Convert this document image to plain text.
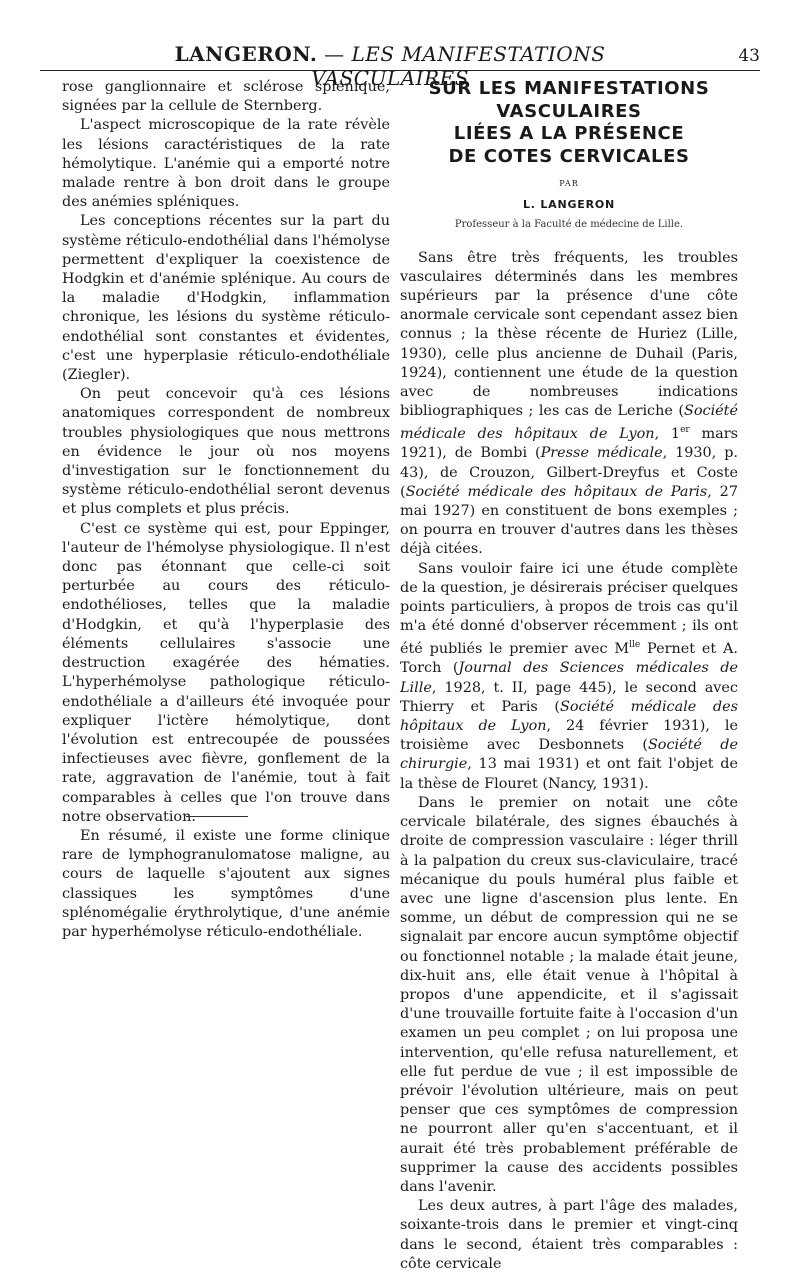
LANGERON. — LES MANIFESTATIONS VASCULAIRES
43

rose ganglionnaire et sclérose splénique, signées par la cellule de Sternberg.

L'aspect microscopique de la rate révèle les lésions caractéristiques de la rate hémolytique. L'anémie qui a emporté notre malade rentre à bon droit dans le groupe des anémies spléniques.

Les conceptions récentes sur la part du système réticulo-endothélial dans l'hémolyse permettent d'expliquer la coexistence de Hodgkin et d'anémie splénique. Au cours de la maladie d'Hodgkin, inflammation chronique, les lésions du système réticulo-endothélial sont constantes et évidentes, c'est une hyperplasie réticulo-endothéliale (Ziegler).

On peut concevoir qu'à ces lésions anatomiques correspondent de nombreux troubles physiologiques que nous mettrons en évidence le jour où nos moyens d'investigation sur le fonctionnement du système réticulo-endothélial seront devenus et plus complets et plus précis.

C'est ce système qui est, pour Eppinger, l'auteur de l'hémolyse physiologique. Il n'est donc pas étonnant que celle-ci soit perturbée au cours des réticulo-endothélioses, telles que la maladie d'Hodgkin, et qu'à l'hyperplasie des éléments cellulaires s'associe une destruction exagérée des hématies. L'hyperhémolyse pathologique réticulo-endothéliale a d'ailleurs été invoquée pour expliquer l'ictère hémolytique, dont l'évolution est entrecoupée de poussées infectieuses avec fièvre, gonflement de la rate, aggravation de l'anémie, tout à fait comparables à celles que l'on trouve dans notre observation.

En résumé, il existe une forme clinique rare de lymphogranulomatose maligne, au cours de laquelle s'ajoutent aux signes classiques les symptômes d'une splénomégalie érythrolytique, d'une anémie par hyperhémolyse réticulo-endothéliale.

SUR LES MANIFESTATIONS
VASCULAIRES
LIÉES A LA PRÉSENCE
DE COTES CERVICALES
PAR
L. LANGERON
Professeur à la Faculté de médecine de Lille.

Sans être très fréquents, les troubles vasculaires déterminés dans les membres supérieurs par la présence d'une côte anormale cervicale sont cependant assez bien connus ; la thèse récente de Huriez (Lille, 1930), celle plus ancienne de Duhail (Paris, 1924), contiennent une étude de la question avec de nombreuses indications bibliographiques ; les cas de Leriche (Société médicale des hôpitaux de Lyon, 1er mars 1921), de Bombi (Presse médicale, 1930, p. 43), de Crouzon, Gilbert-Dreyfus et Coste (Société médicale des hôpitaux de Paris, 27 mai 1927) en constituent de bons exemples ; on pourra en trouver d'autres dans les thèses déjà citées.

Sans vouloir faire ici une étude complète de la question, je désirerais préciser quelques points particuliers, à propos de trois cas qu'il m'a été donné d'observer récemment ; ils ont été publiés le premier avec $M^{lle}$ Pernet et A. Torch (Journal des Sciences médicales de Lille, 1928, t. II, page 445), le second avec Thierry et Paris (Société médicale des hôpitaux de Lyon, 24 février 1931), le troisième avec Desbonnets (Société de chirurgie, 13 mai 1931) et ont fait l'objet de la thèse de Flouret (Nancy, 1931).

Dans le premier on notait une côte cervicale bilatérale, des signes ébauchés à droite de compression vasculaire : léger thrill à la palpation du creux sus-claviculaire, tracé mécanique du pouls huméral plus faible et avec une ligne d'ascension plus lente. En somme, un début de compression qui ne se signalait par encore aucun symptôme objectif ou fonctionnel notable ; la malade était jeune, dix-huit ans, elle était venue à l'hôpital à propos d'une appendicite, et il s'agissait d'une trouvaille fortuite faite à l'occasion d'un examen un peu complet ; on lui proposa une intervention, qu'elle refusa naturellement, et elle fut perdue de vue ; il est impossible de prévoir l'évolution ultérieure, mais on peut penser que ces symptômes de compression ne pourront aller qu'en s'accentuant, et il aurait été très probablement préférable de supprimer la cause des accidents possibles dans l'avenir.

Les deux autres, à part l'âge des malades, soixante-trois dans le premier et vingt-cinq dans le second, étaient très comparables : côte cervicale
